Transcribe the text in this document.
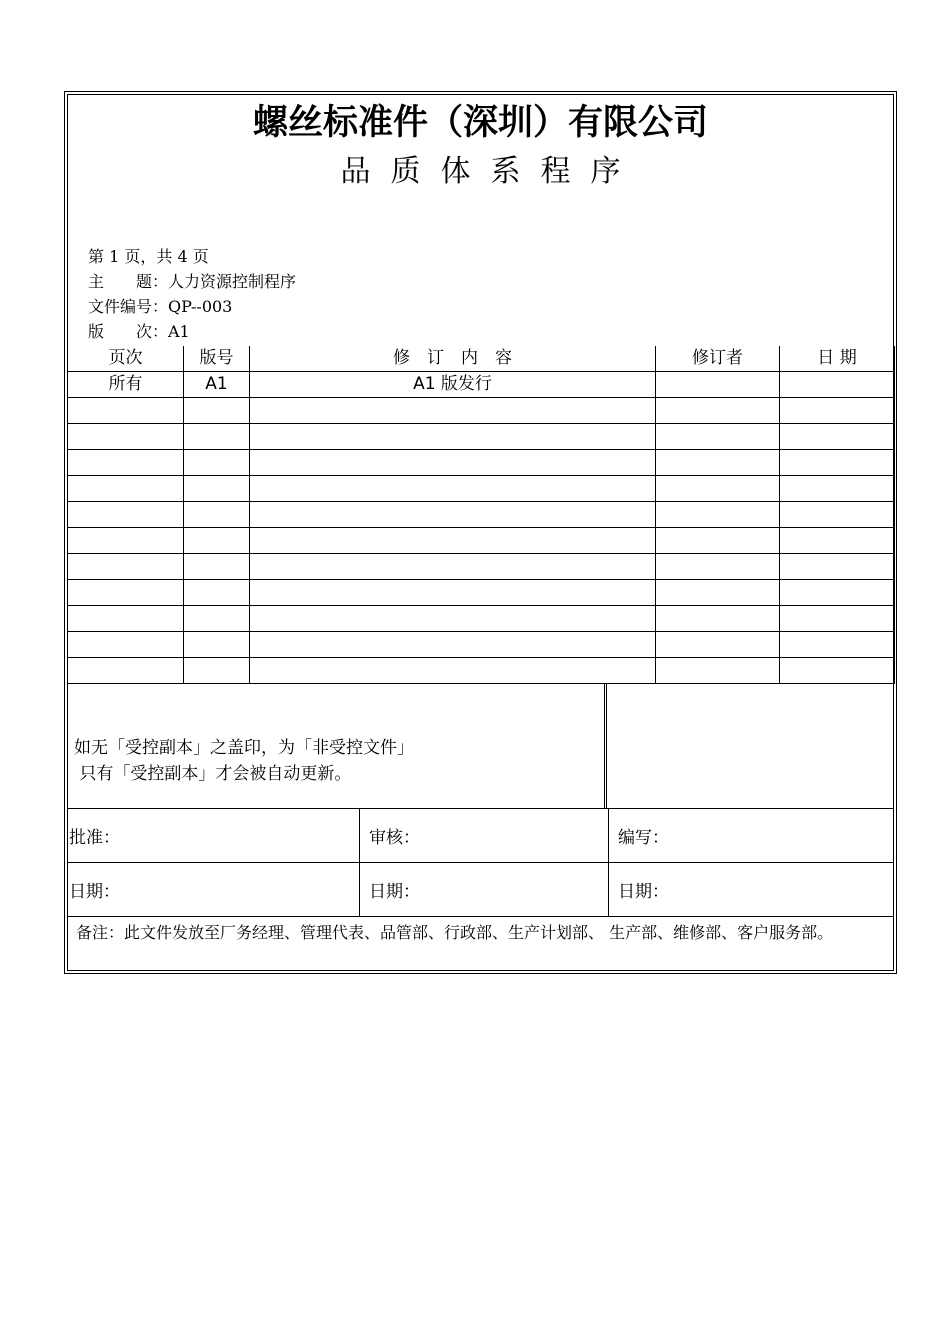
螺丝标准件（深圳）有限公司
品质体系程序
第 1 页，共 4 页
主　　题：人力资源控制程序
文件编号：QP--003
版　　次：A1
页次	版号	修　订　内　容	修订者	日 期
所有	A1	A1 版发行		

如无「受控副本」之盖印，为「非受控文件」
只有「受控副本」才会被自动更新。
批准：	审核：	编写：
日期：	日期：	日期：
备注：此文件发放至厂务经理、管理代表、品管部、行政部、生产计划部、 生产部、维修部、客户服务部。
